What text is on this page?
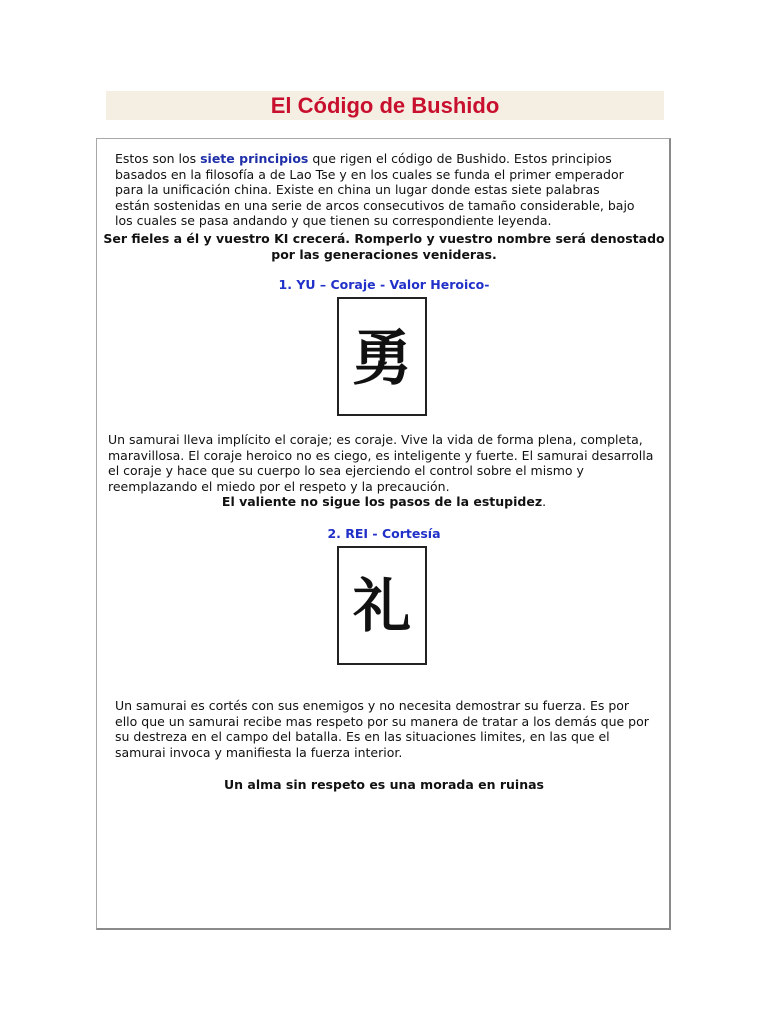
El Código de Bushido
Estos son los siete principios que rigen el código de Bushido. Estos principios basados en la filosofía a de Lao Tse y en los cuales se funda el primer emperador para la unificación china. Existe en china un lugar donde estas siete palabras están sostenidas en una serie de arcos consecutivos de tamaño considerable, bajo los cuales se pasa andando y que tienen su correspondiente leyenda.
Ser fieles a él y vuestro KI crecerá. Romperlo y vuestro nombre será denostado por las generaciones venideras.
1. YU – Coraje - Valor Heroico-
勇
Un samurai lleva implícito el coraje; es coraje. Vive la vida de forma plena, completa, maravillosa. El coraje heroico no es ciego, es inteligente y fuerte. El samurai desarrolla el coraje y hace que su cuerpo lo sea ejerciendo el control sobre el mismo y reemplazando el miedo por el respeto y la precaución.
El valiente no sigue los pasos de la estupidez.
2. REI - Cortesía
礼
Un samurai es cortés con sus enemigos y no necesita demostrar su fuerza. Es por ello que un samurai recibe mas respeto por su manera de tratar a los demás que por su destreza en el campo del batalla. Es en las situaciones limites, en las que el samurai invoca y manifiesta la fuerza interior.
Un alma sin respeto es una morada en ruinas
